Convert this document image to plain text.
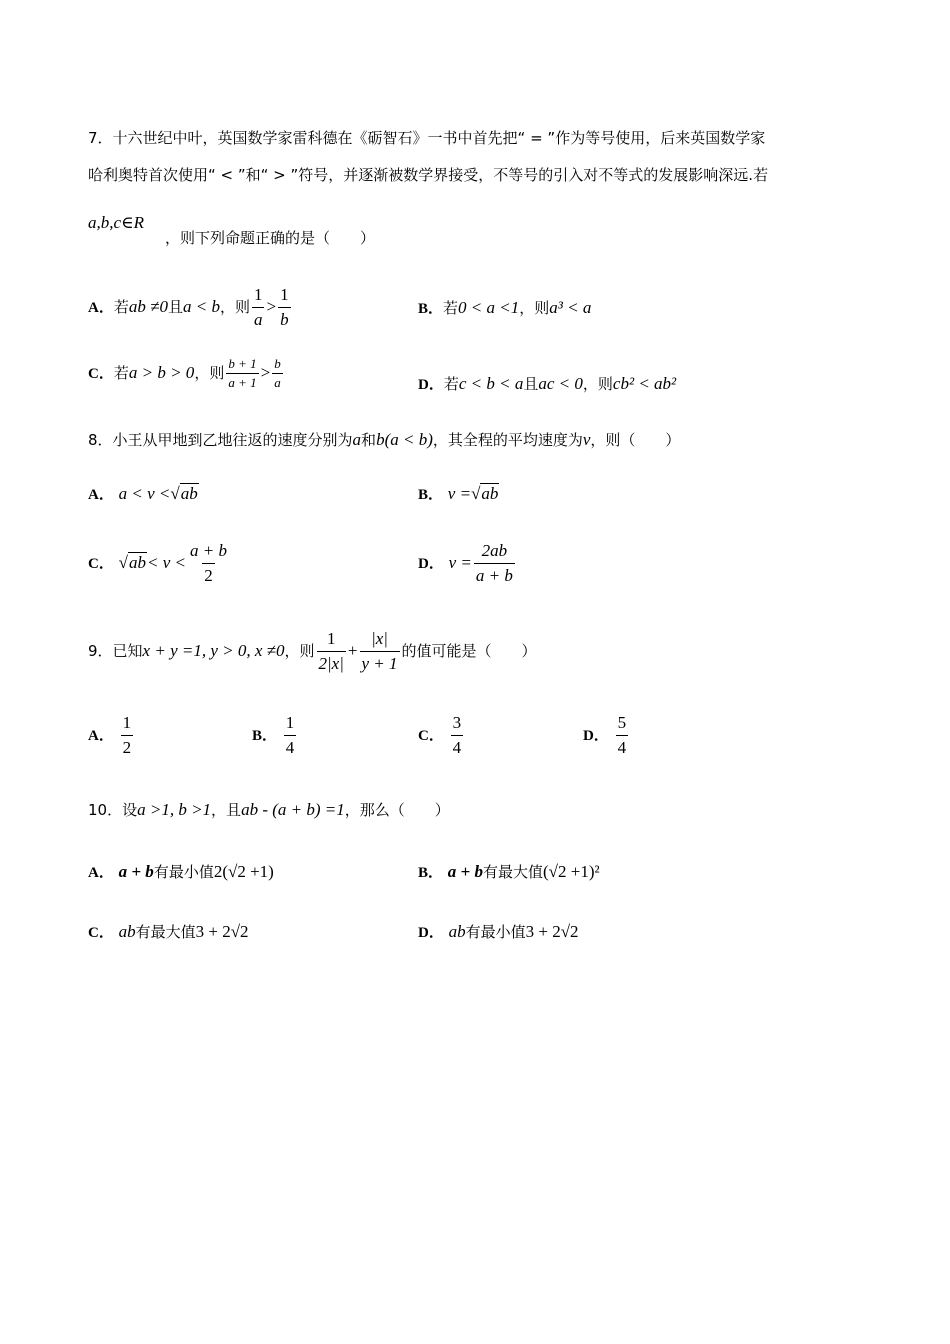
7．十六世纪中叶，英国数学家雷科德在《砺智石》一书中首先把“ = ”作为等号使用，后来英国数学家
哈利奥特首次使用“ < ”和“ > ”符号，并逐渐被数学界接受，不等号的引入对不等式的发展影响深远.若
a,b,c∈R
，则下列命题正确的是（　　）
A．若ab ≠0且a < b，则 $\frac{1}{a} > \frac{1}{b}$	B．若0 < a <1，则a³ < a
C．若a > b > 0，则 $\frac{b + 1}{a + 1} > \frac{b}{a}$	D．若c < b < a且ac < 0，则cb² < ab²
8．小王从甲地到乙地往返的速度分别为a和b(a < b)，其全程的平均速度为v，则（　　）
A． a < v <√ab	B． v =√ab
C． $√ab< v < \frac{a + b}{2}$	D． $v = \frac{2ab}{a + b}$
9．已知x + y =1, y > 0, x ≠0，则 $\frac{1}{2|x|} + \frac{|x|}{y + 1}$ 的值可能是（　　）
A． $\frac{1}{2}$	B． $\frac{1}{4}$	C． $\frac{3}{4}$	D． $\frac{5}{4}$
10．设a >1, b >1，且ab - (a + b) =1，那么（　　）
A． a + b有最小值2(√2 +1)	B． a + b有最大值(√2 +1)²
C． ab有最大值3 + 2√2	D． ab有最小值3 + 2√2
